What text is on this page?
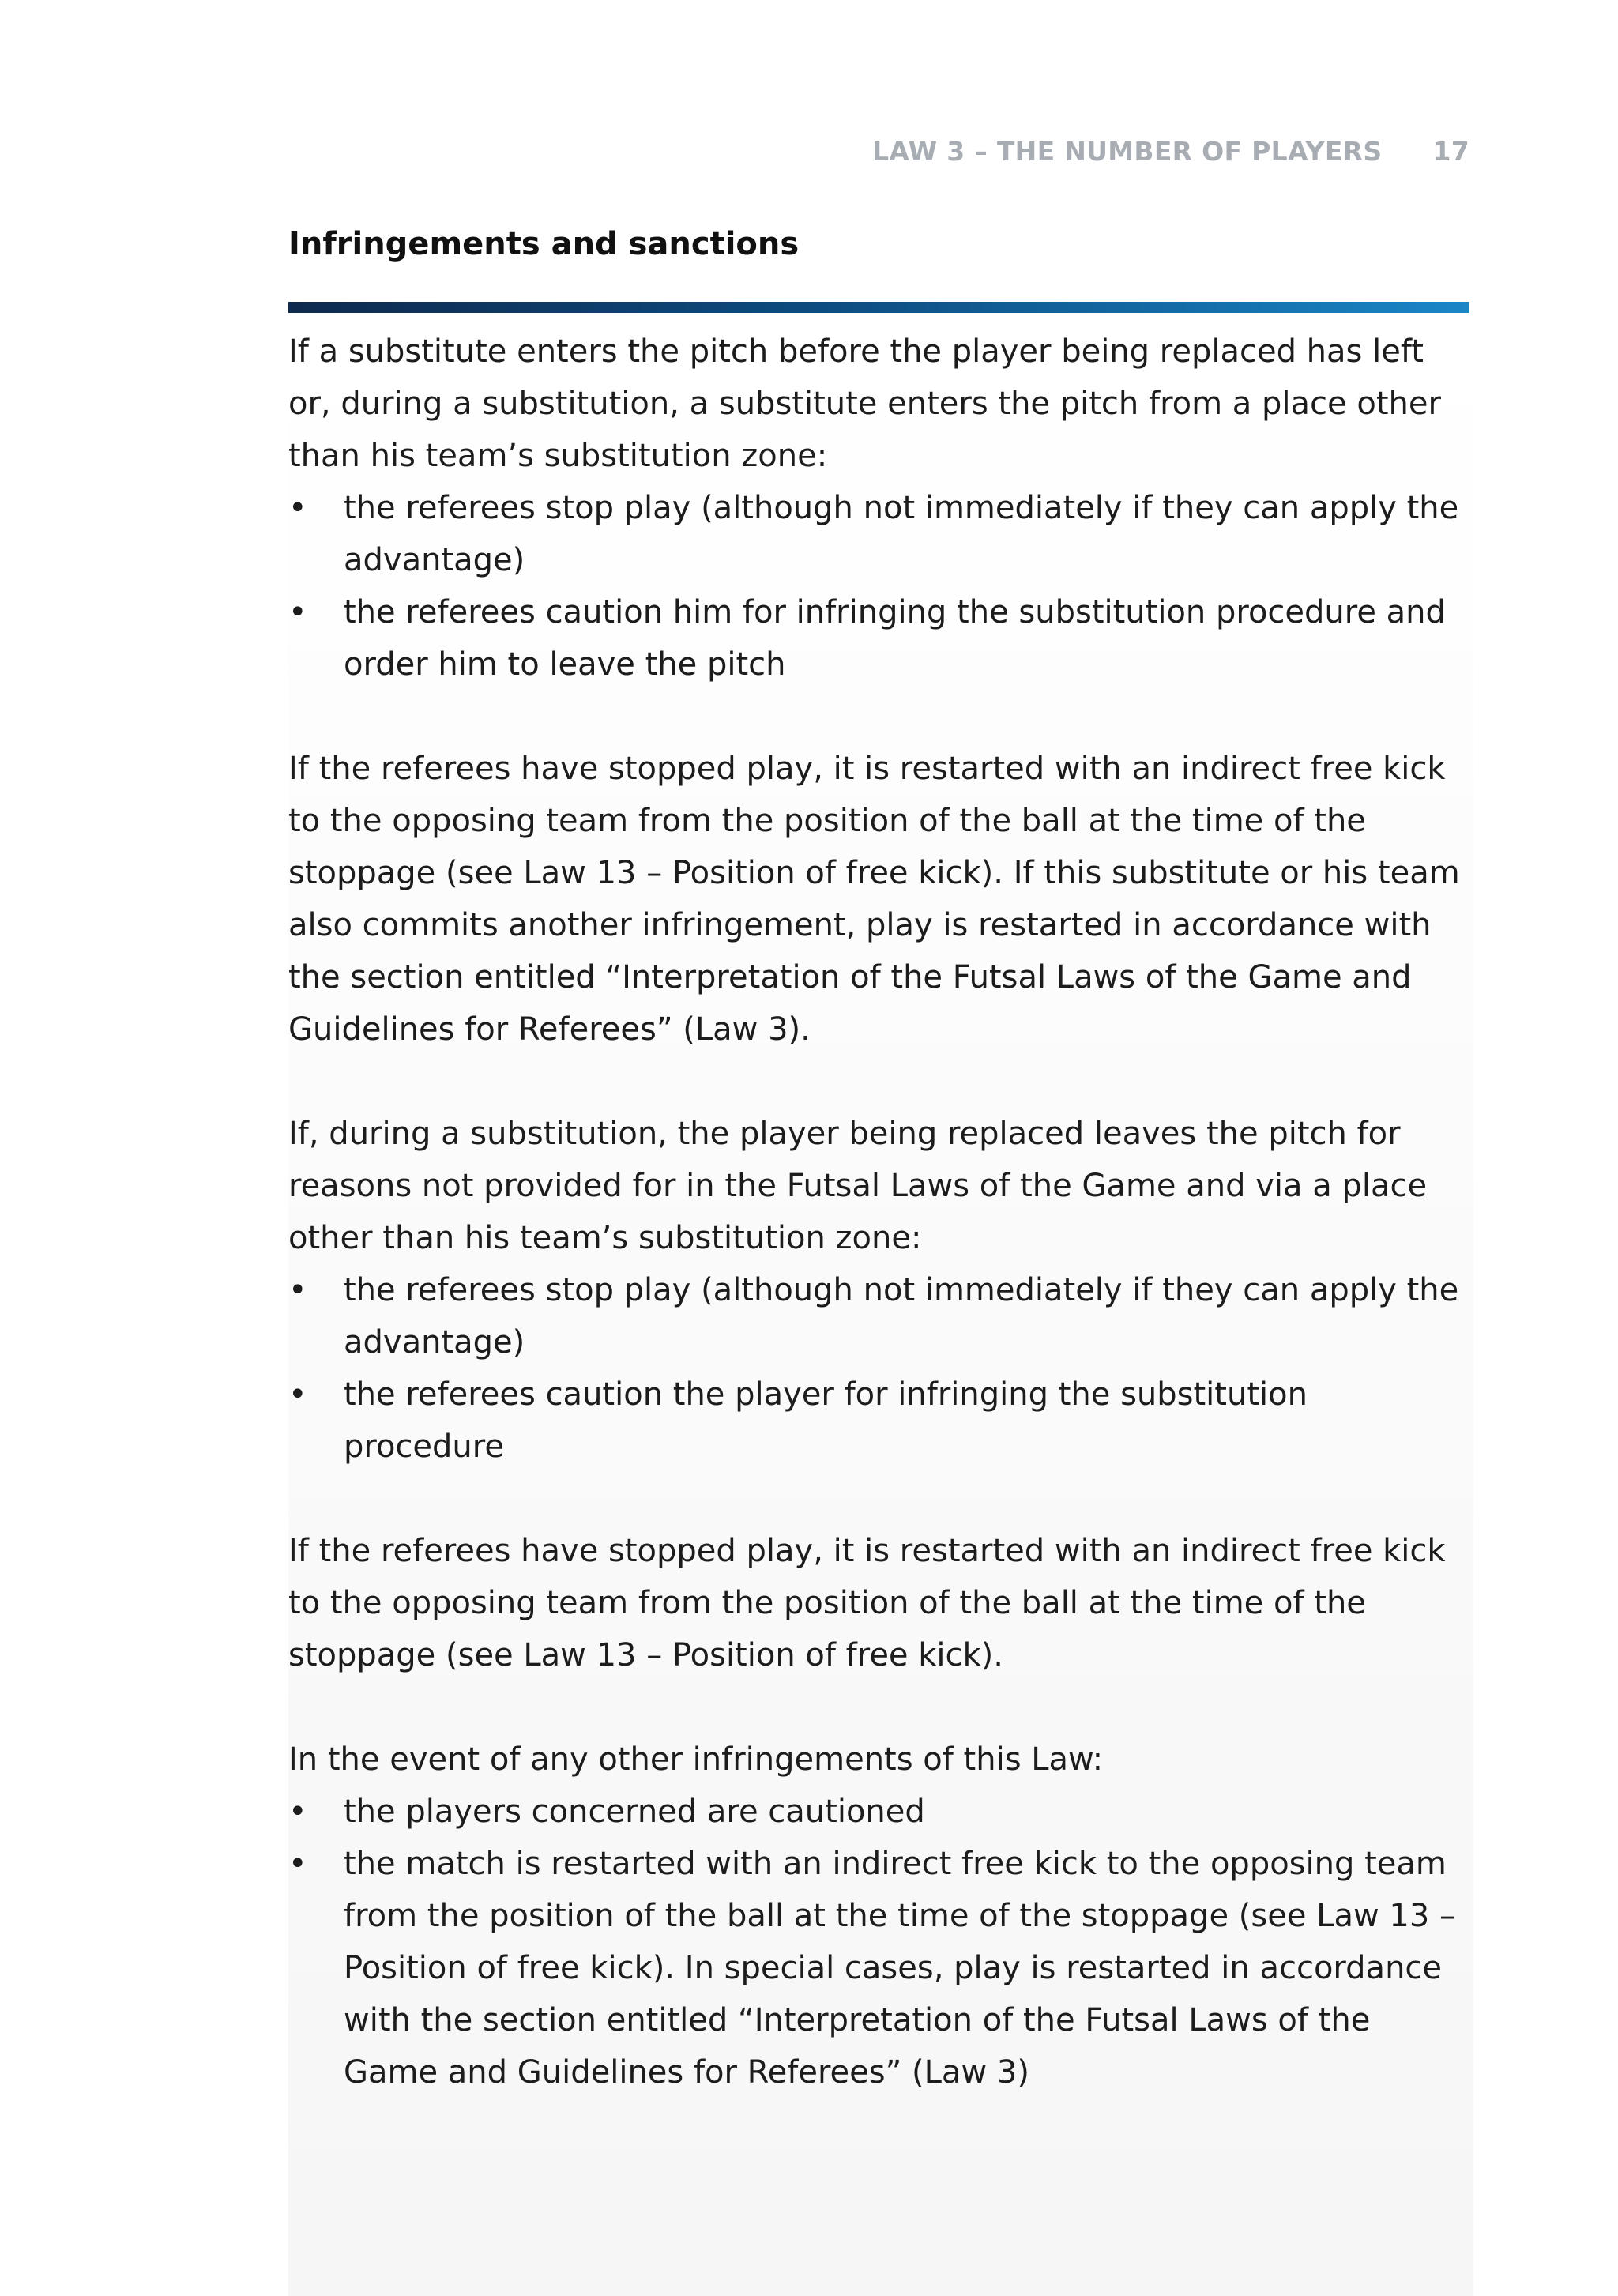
LAW 3 – THE NUMBER OF PLAYERS 17
Infringements and sanctions

If a substitute enters the pitch before the player being replaced has left or, during a substitution, a substitute enters the pitch from a place other than his team’s substitution zone:

• the referees stop play (although not immediately if they can apply the advantage)
• the referees caution him for infringing the substitution procedure and order him to leave the pitch

If the referees have stopped play, it is restarted with an indirect free kick to the opposing team from the position of the ball at the time of the stoppage (see Law 13 – Position of free kick). If this substitute or his team also commits another infringement, play is restarted in accordance with the section entitled “Interpretation of the Futsal Laws of the Game and Guidelines for Referees” (Law 3).

If, during a substitution, the player being replaced leaves the pitch for reasons not provided for in the Futsal Laws of the Game and via a place other than his team’s substitution zone:

• the referees stop play (although not immediately if they can apply the advantage)
• the referees caution the player for infringing the substitution procedure

If the referees have stopped play, it is restarted with an indirect free kick to the opposing team from the position of the ball at the time of the stoppage (see Law 13 – Position of free kick).

In the event of any other infringements of this Law:

• the players concerned are cautioned
• the match is restarted with an indirect free kick to the opposing team from the position of the ball at the time of the stoppage (see Law 13 – Position of free kick). In special cases, play is restarted in accordance with the section entitled “Interpretation of the Futsal Laws of the Game and Guidelines for Referees” (Law 3)
